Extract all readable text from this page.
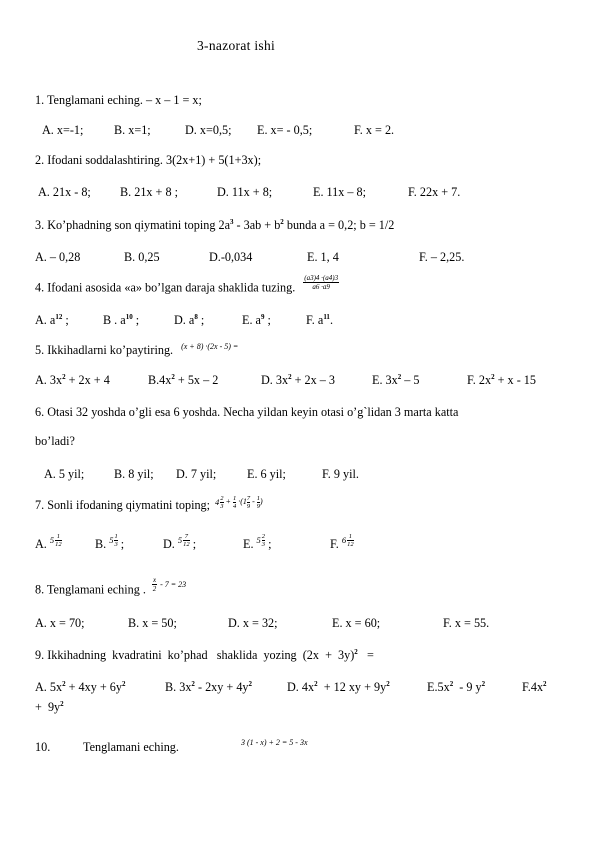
3-nazorat ishi
1. Tenglamani eching. – x – 1 = x;
A. x=-1;	B. x=1;	D. x=0,5; E. x= - 0,5;	F. x = 2.
2. Ifodani soddalashtiring. 3(2x+1) + 5(1+3x);
A. 21x - 8; B. 21x + 8 ;	D. 11x + 8;	E. 11x – 8;	F. 22x + 7.
3. Ko’phadning son qiymatini toping $2a^3 - 3ab + b^2$ bunda a = 0,2; b = 1/2
A. – 0,28	B. 0,25	D.-0,034	E. 1, 4	F. – 2,25.
4. Ifodani asosida «a» bo’lgan daraja shaklida tuzing. $\frac{(a3)4 \cdot(a4)3}{a6 \cdot a9}$
A. $a^{12}$ ;	B . $a^{10}$ ;	D. $a^8$ ;	E. $a^9$ ;	F. $a^{11}$.
5. Ikkihadlarni ko’paytiring. (x + 8) ·(2x - 5) =
A. $3x^2 + 2x + 4$	$B.4x^2 + 5x - 2$	D. $3x^2 + 2x - 3$	E. $3x^2 - 5$	F. $2x^2 + x - 15$
6. Otasi 32 yoshda o’gli esa 6 yoshda. Necha yildan keyin otasi o’g`lidan 3 marta katta
bo’ladi?
A. 5 yil; B. 8 yil; D. 7 yil;	E. 6 yil;	F. 9 yil.
7. Sonli ifodaning qiymatini toping; 4 2
$3 + \frac{1}{4} \cdot(1$ 7
9 - 1
9 )
A. 5 1
12	B. 5 1
3 ;	D. 5 7
12 ;	E. 5 2
3 ;	F. 6 1
12
8. Tenglamani eching . $\frac{x}{2} - 7 = 23$
A. x = 70;	B. x = 50;	D. x = 32;	E. x = 60;	F. x = 55.
9. Ikkihadning  kvadratini  ko’phad   shaklida  yozing  $(2x + 3y)^2$   =
A. $5x^2 + 4xy + 6y^2$	B. $3x^2 - 2xy + 4y^2$	D. $4x^2 + 12$ xy + $9y^2$	$E.5x^2 - 9$ $y^2$	$F.4x^2$
+  $9y^2$
10.	Tenglamani eching.	3 (1 - x) + 2 = 5 - 3x
